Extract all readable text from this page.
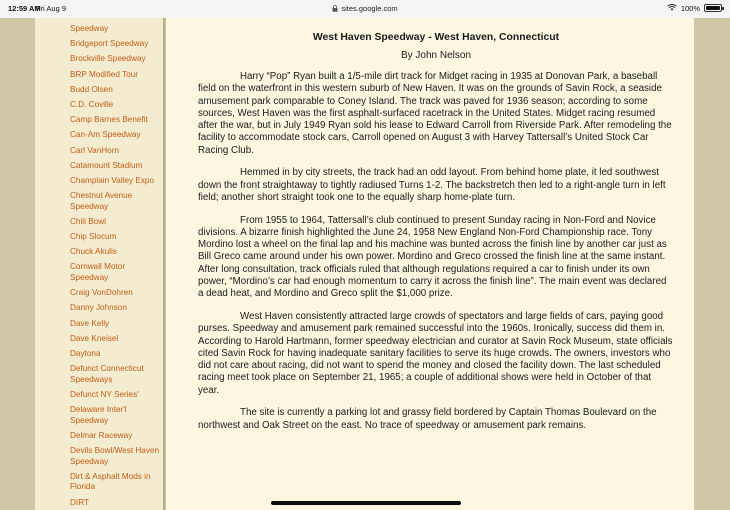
12:59 AM
Fri Aug 9	sites.google.com	100%
Speedway
Bridgeport Speedway
Brockville Speedway
BRP Modified Tour
Budd Olsen
C.D. Coville
Camp Barnes Benefit
Can-Am Speedway
Carl VanHorn
Catamount Stadium
Champlain Valley Expo
Chestnut Avenue Speedway
Chili Bowl
Chip Slocum
Chuck Akulis
Cornwall Motor Speedway
Craig VonDohren
Danny Johnson
Dave Kelly
Dave Kneisel
Daytona
Defunct Connecticut Speedways
Defunct NY Series'
Delaware Inter'l Speedway
Delmar Raceway
Devils Bowl/West Haven Speedway
Dirt & Asphalt Mods in Florida
DIRT
West Haven Speedway - West Haven, Connecticut
By John Nelson

Harry “Pop” Ryan built a 1/5-mile dirt track for Midget racing in 1935 at Donovan Park, a baseball field on the waterfront in this western suburb of New Haven. It was on the grounds of Savin Rock, a seaside amusement park comparable to Coney Island. The track was paved for 1936 season; according to some sources, West Haven was the first asphalt-surfaced racetrack in the United States. Midget racing resumed after the war, but in July 1949 Ryan sold his lease to Edward Carroll from Riverside Park. After remodeling the facility to accommodate stock cars, Carroll opened on August 3 with Harvey Tattersall’s United Stock Car Racing Club.

Hemmed in by city streets, the track had an odd layout. From behind home plate, it led southwest down the front straightaway to tightly radiused Turns 1-2. The backstretch then led to a right-angle turn in left field; another short straight took one to the equally sharp home-plate turn.

From 1955 to 1964, Tattersall’s club continued to present Sunday racing in Non-Ford and Novice divisions. A bizarre finish highlighted the June 24, 1958 New England Non-Ford Championship race. Tony Mordino lost a wheel on the final lap and his machine was bunted across the finish line by another car just as Bill Greco came around under his own power. Mordino and Greco crossed the finish line at the same instant. After long consultation, track officials ruled that although regulations required a car to finish under its own power, “Mordino’s car had enough momentum to carry it across the finish line”. The main event was declared a dead heat, and Mordino and Greco split the $1,000 prize.

West Haven consistently attracted large crowds of spectators and large fields of cars, paying good purses. Speedway and amusement park remained successful into the 1960s. Ironically, success did them in. According to Harold Hartmann, former speedway electrician and curator at Savin Rock Museum, state officials cited Savin Rock for having inadequate sanitary facilities to serve its huge crowds. The owners, investors who did not care about racing, did not want to spend the money and closed the facility down. The last scheduled racing meet took place on September 21, 1965; a couple of additional shows were held in October of that year.

The site is currently a parking lot and grassy field bordered by Captain Thomas Boulevard on the northwest and Oak Street on the east. No trace of speedway or amusement park remains.
